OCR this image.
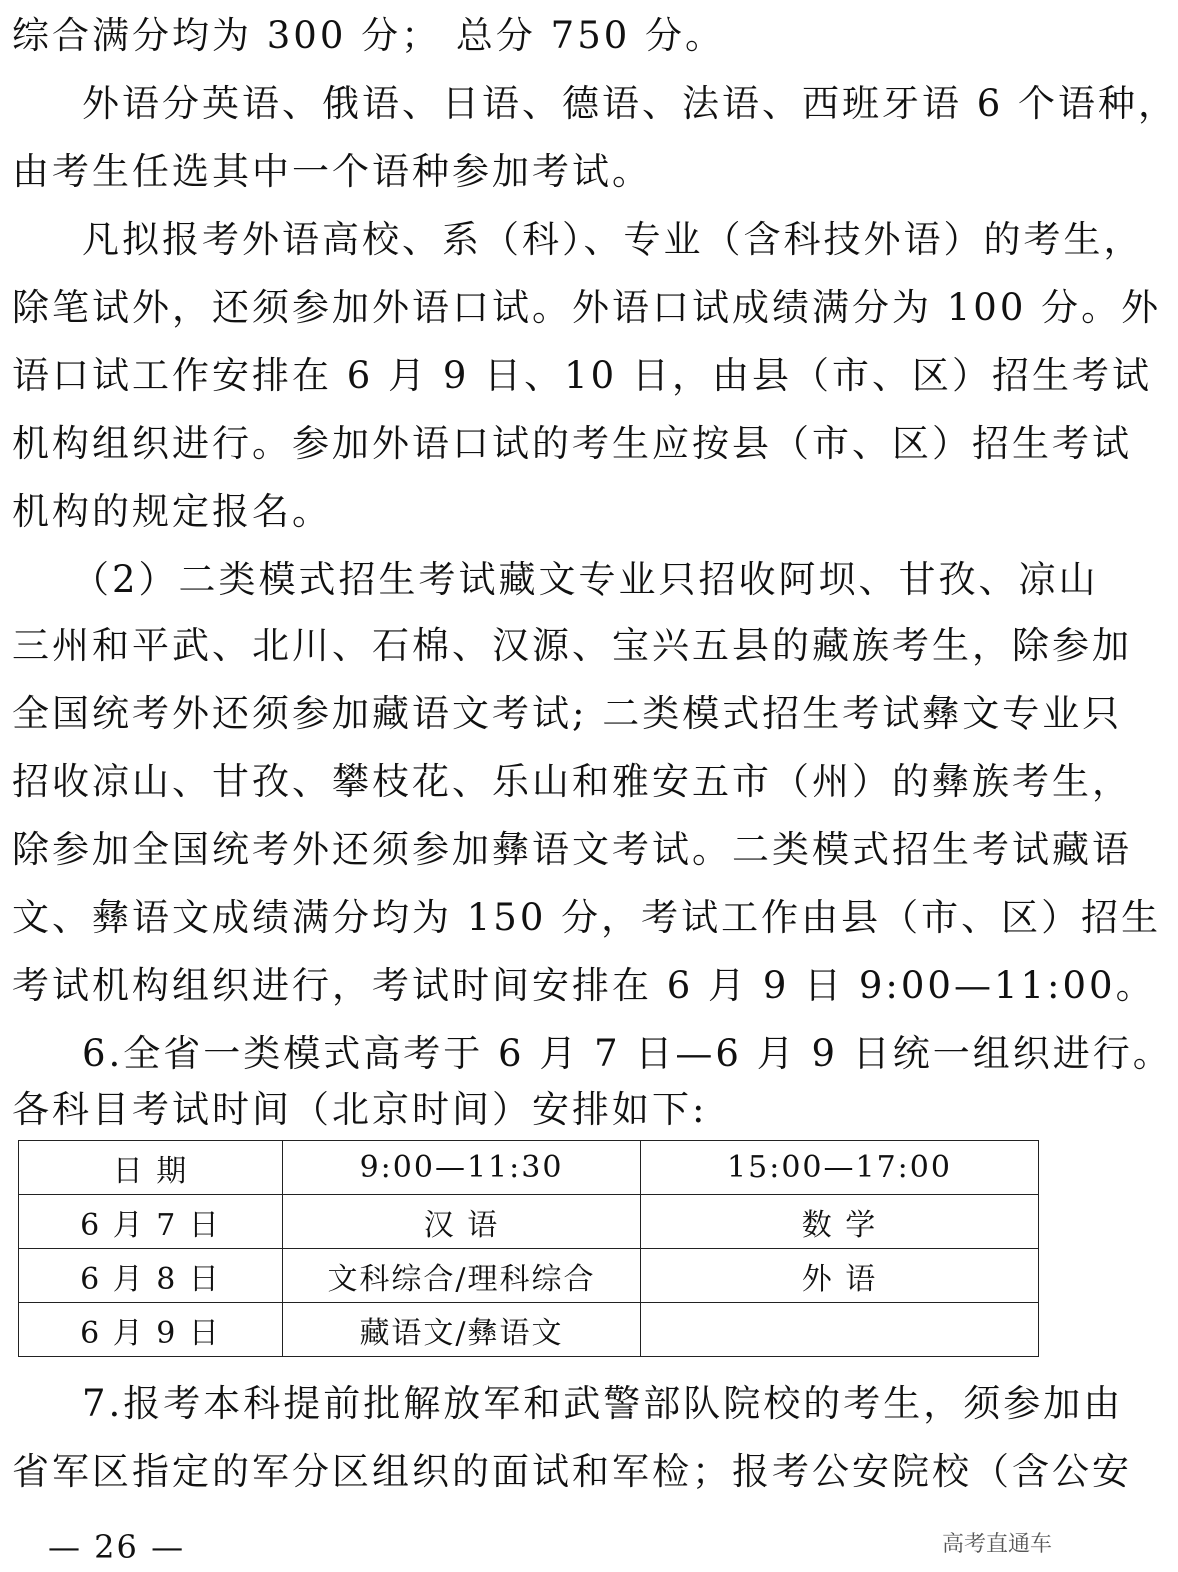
综合满分均为 300 分； 总分 750 分。
外语分英语、俄语、日语、德语、法语、西班牙语 6 个语种，
由考生任选其中一个语种参加考试。
凡拟报考外语高校、系（科）、专业（含科技外语）的考生，
除笔试外，还须参加外语口试。外语口试成绩满分为 100 分。外
语口试工作安排在 6 月 9 日、10 日，由县（市、区）招生考试
机构组织进行。参加外语口试的考生应按县（市、区）招生考试
机构的规定报名。
（2）二类模式招生考试藏文专业只招收阿坝、甘孜、凉山
三州和平武、北川、石棉、汉源、宝兴五县的藏族考生，除参加
全国统考外还须参加藏语文考试; 二类模式招生考试彝文专业只
招收凉山、甘孜、攀枝花、乐山和雅安五市（州）的彝族考生，
除参加全国统考外还须参加彝语文考试。二类模式招生考试藏语
文、彝语文成绩满分均为 150 分，考试工作由县（市、区）招生
考试机构组织进行，考试时间安排在 6 月 9 日 9:00—11:00。
6.全省一类模式高考于 6 月 7 日—6 月 9 日统一组织进行。
各科目考试时间（北京时间）安排如下:
日 期	9:00—11:30	15:00—17:00
6 月 7 日	汉 语	数 学
6 月 8 日	文科综合/理科综合	外 语
6 月 9 日	藏语文/彝语文	
7.报考本科提前批解放军和武警部队院校的考生，须参加由
省军区指定的军分区组织的面试和军检；报考公安院校（含公安
— 26 —	高考直通车
